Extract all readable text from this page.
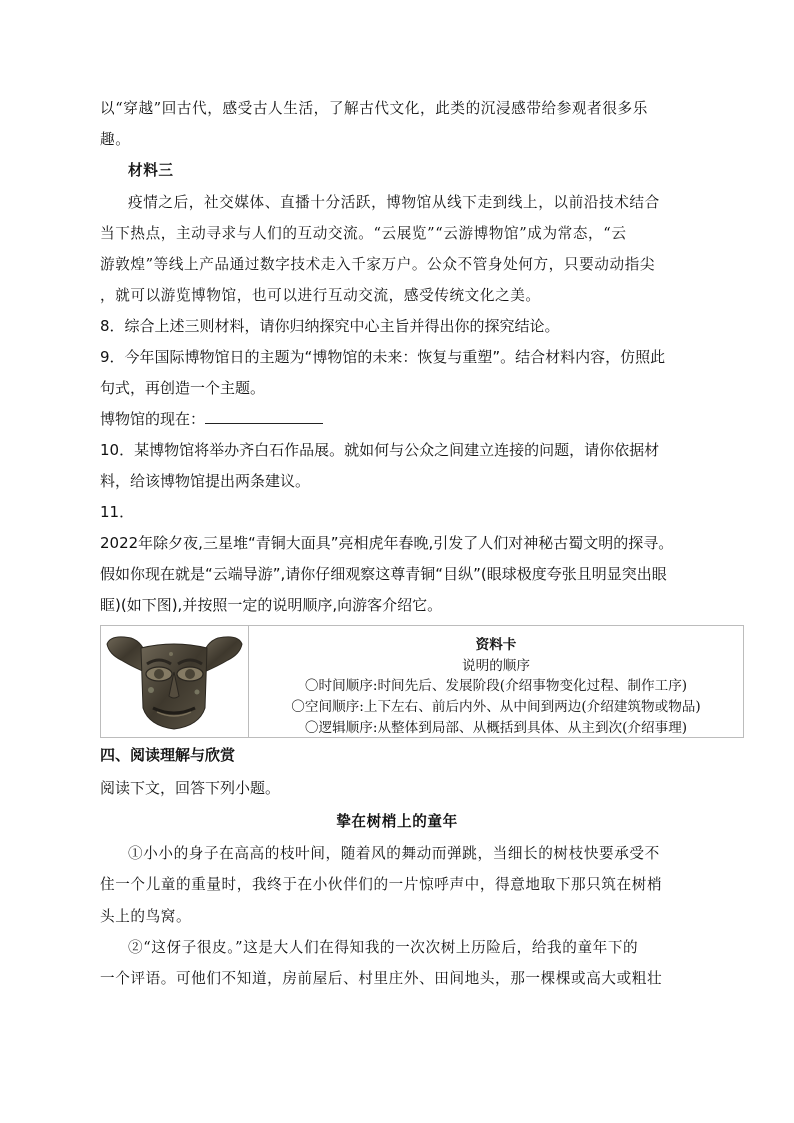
以“穿越”回古代，感受古人生活，了解古代文化，此类的沉浸感带给参观者很多乐
趣。
材料三
疫情之后，社交媒体、直播十分活跃，博物馆从线下走到线上，以前沿技术结合
当下热点，主动寻求与人们的互动交流。“云展览”“云游博物馆”成为常态，“云
游敦煌”等线上产品通过数字技术走入千家万户。公众不管身处何方，只要动动指尖
，就可以游览博物馆，也可以进行互动交流，感受传统文化之美。
8．综合上述三则材料，请你归纳探究中心主旨并得出你的探究结论。
9．今年国际博物馆日的主题为“博物馆的未来：恢复与重塑”。结合材料内容，仿照此
句式，再创造一个主题。
博物馆的现在：
10．某博物馆将举办齐白石作品展。就如何与公众之间建立连接的问题，请你依据材
料，给该博物馆提出两条建议。
11．
2022年除夕夜,三星堆“青铜大面具”亮相虎年春晚,引发了人们对神秘古蜀文明的探寻。
假如你现在就是“云端导游”,请你仔细观察这尊青铜“目纵”(眼球极度夸张且明显突出眼
眶)(如下图),并按照一定的说明顺序,向游客介绍它。
资料卡
说明的顺序
〇时间顺序:时间先后、发展阶段(介绍事物变化过程、制作工序)
〇空间顺序:上下左右、前后内外、从中间到两边(介绍建筑物或物品)
〇逻辑顺序:从整体到局部、从概括到具体、从主到次(介绍事理)
四、阅读理解与欣赏
阅读下文，回答下列小题。
挚在树梢上的童年
①小小的身子在高高的枝叶间，随着风的舞动而弹跳，当细长的树枝快要承受不
住一个儿童的重量时，我终于在小伙伴们的一片惊呼声中，得意地取下那只筑在树梢
头上的鸟窝。
②“这伢子很皮。”这是大人们在得知我的一次次树上历险后，给我的童年下的
一个评语。可他们不知道，房前屋后、村里庄外、田间地头，那一棵棵或高大或粗壮
